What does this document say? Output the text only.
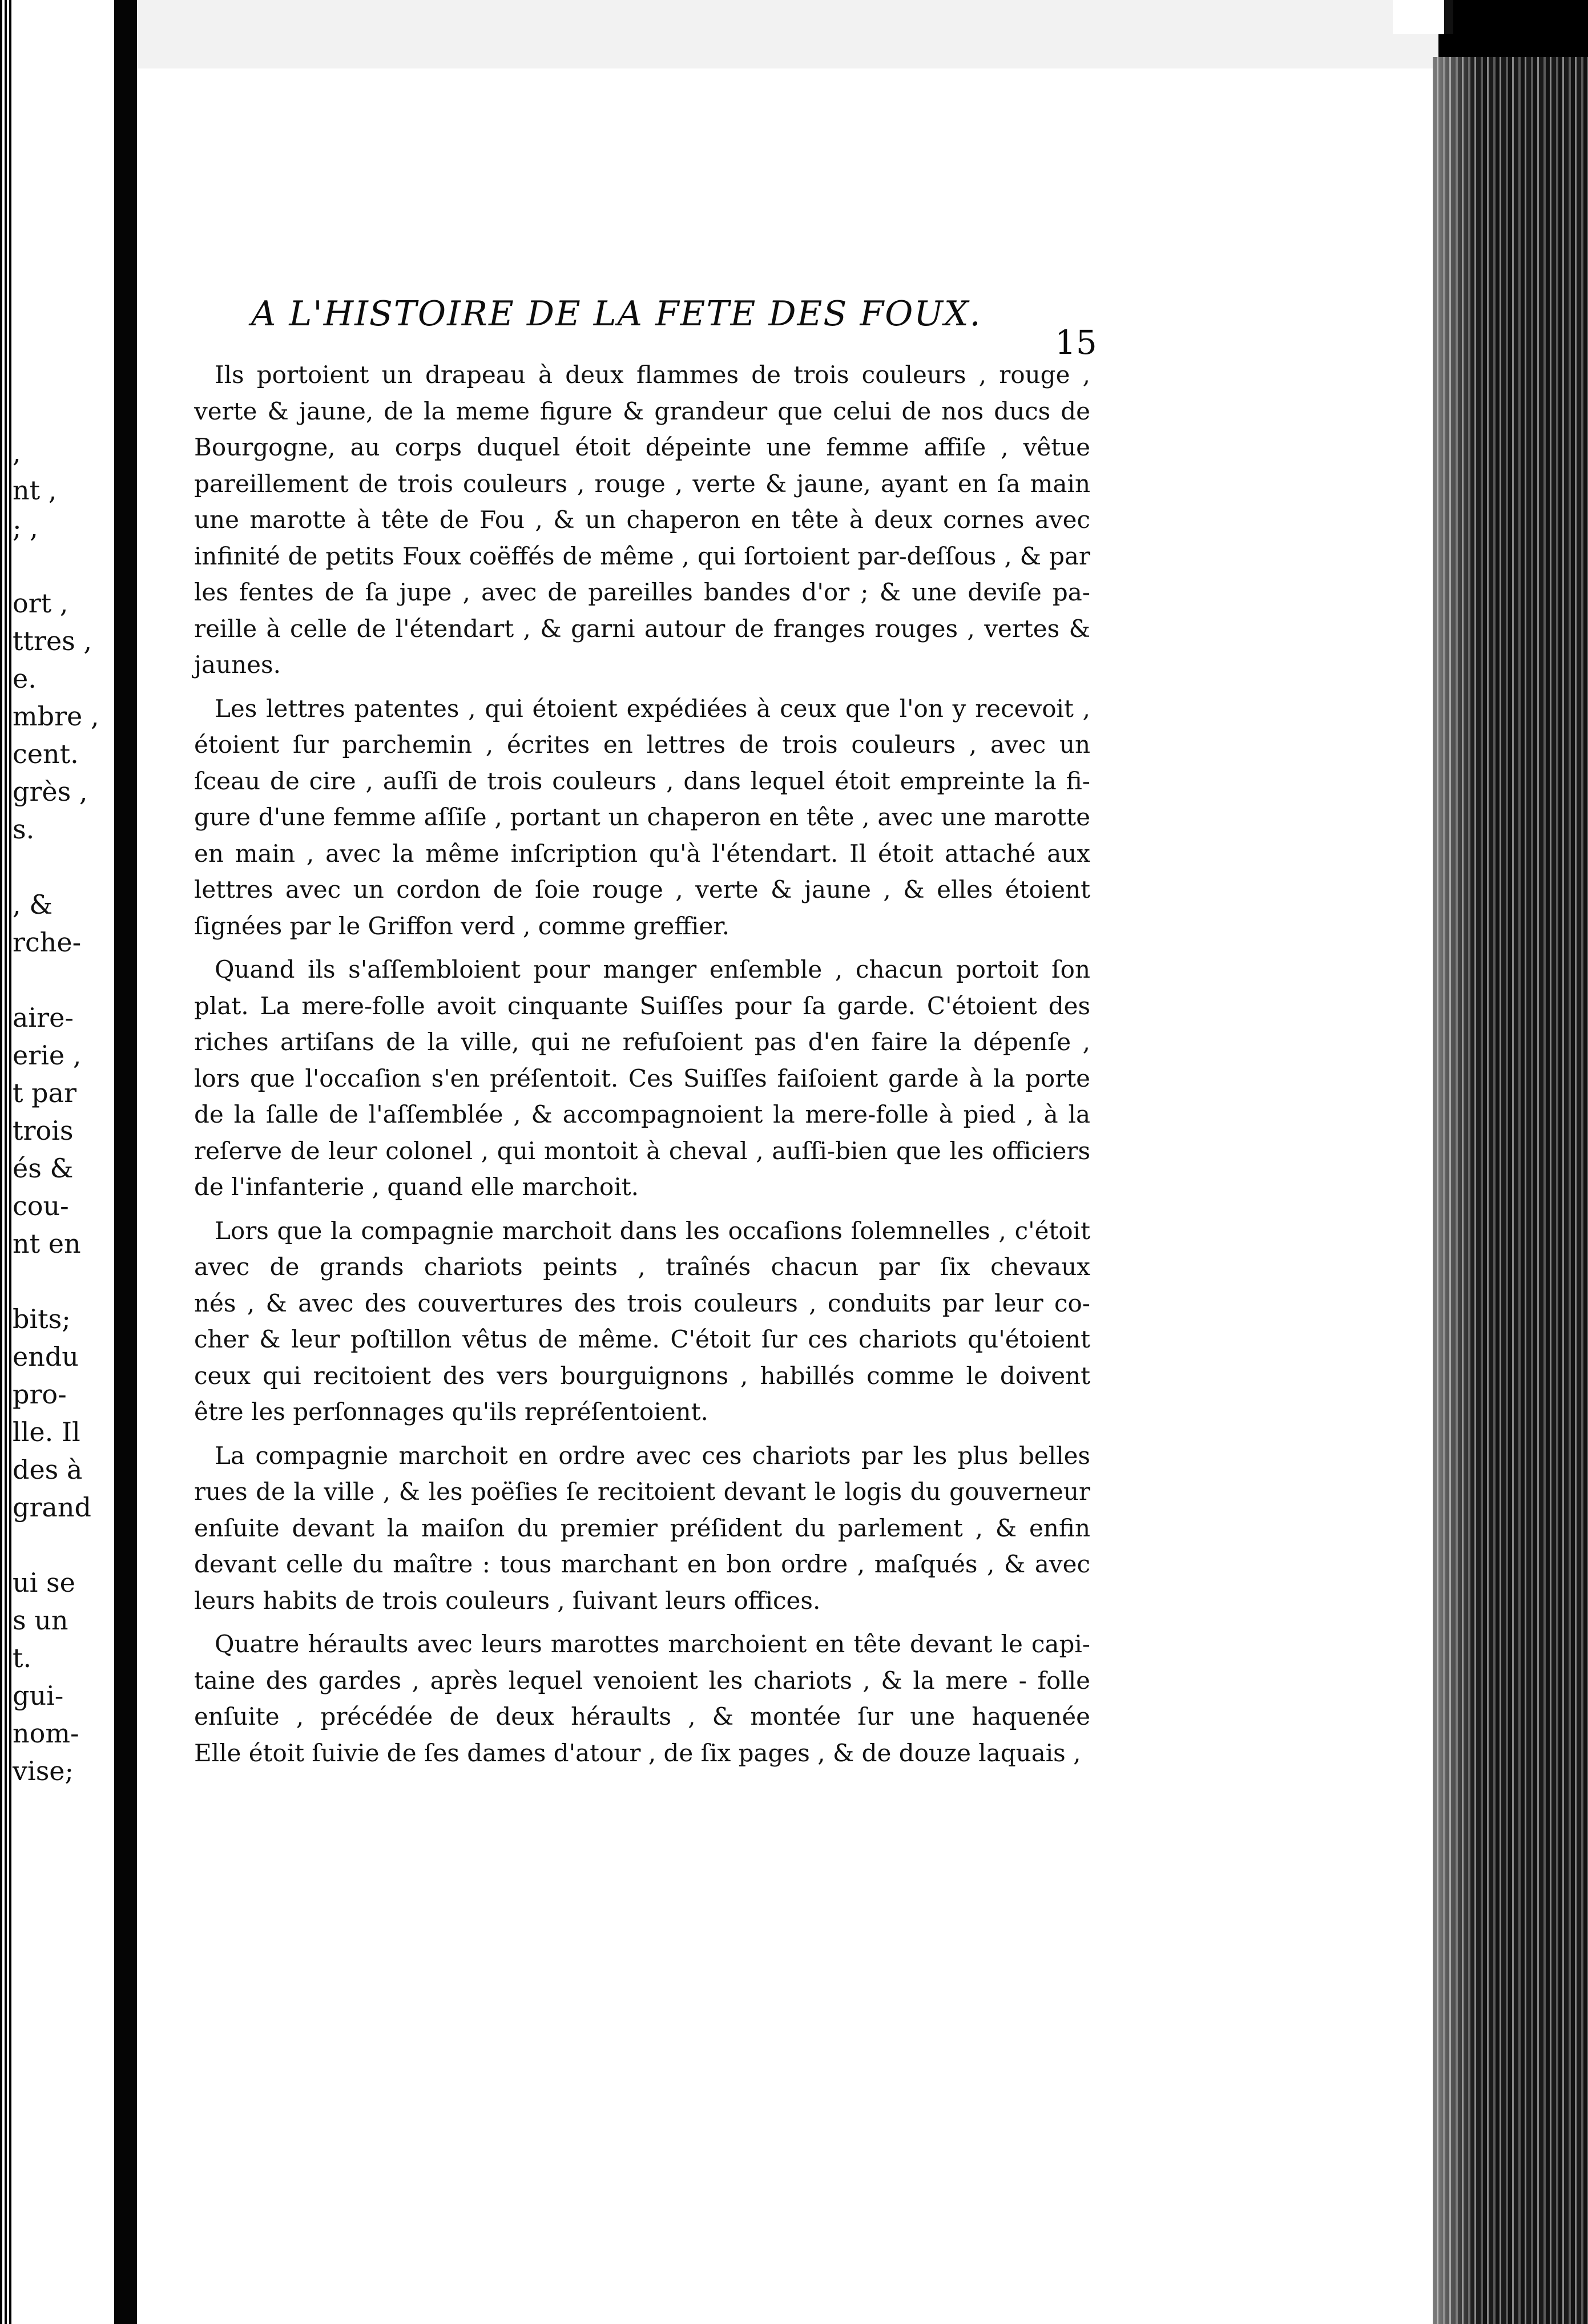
,
nt ,
; ,
ort ,
ttres ,
e.
mbre ,
cent.
grès ,
s.
, &
rche-
aire-
erie ,
t par
trois
és &
cou-
nt en
bits;
endu
pro-
lle. Il
des à
grand
ui se
s un
t.
gui-
nom-
vise;
A L'HISTOIRE DE LA FETE DES FOUX.
15
Ils portoient un drapeau à deux flammes de trois couleurs , rouge ,
verte & jaune, de la meme figure & grandeur que celui de nos ducs de
Bourgogne, au corps duquel étoit dépeinte une femme affiſe , vêtue
pareillement de trois couleurs , rouge , verte & jaune, ayant en ſa main
une marotte à tête de Fou , & un chaperon en tête à deux cornes avec
infinité de petits Foux coëffés de même , qui ſortoient par-deſſous , & par
les fentes de ſa jupe , avec de pareilles bandes d'or ; & une deviſe pa-
reille à celle de l'étendart , & garni autour de franges rouges , vertes &
jaunes.
Les lettres patentes , qui étoient expédiées à ceux que l'on y recevoit ,
étoient ſur parchemin , écrites en lettres de trois couleurs , avec un
ſceau de cire , auſſi de trois couleurs , dans lequel étoit empreinte la fi-
gure d'une femme aſſiſe , portant un chaperon en tête , avec une marotte
en main , avec la même inſcription qu'à l'étendart. Il étoit attaché aux
lettres avec un cordon de ſoie rouge , verte & jaune , & elles étoient
ſignées par le Griffon verd , comme greffier.
Quand ils s'aſſembloient pour manger enſemble , chacun portoit ſon
plat. La mere-folle avoit cinquante Suiſſes pour ſa garde. C'étoient des
riches artiſans de la ville, qui ne refuſoient pas d'en faire la dépenſe ,
lors que l'occaſion s'en préſentoit. Ces Suiſſes faiſoient garde à la porte
de la ſalle de l'aſſemblée , & accompagnoient la mere-folle à pied , à la
reſerve de leur colonel , qui montoit à cheval , auſſi-bien que les officiers
de l'infanterie , quand elle marchoit.
Lors que la compagnie marchoit dans les occaſions ſolemnelles , c'étoit
avec de grands chariots peints , traînés chacun par ſix chevaux
nés , & avec des couvertures des trois couleurs , conduits par leur co-
cher & leur poſtillon vêtus de même. C'étoit ſur ces chariots qu'étoient
ceux qui recitoient des vers bourguignons , habillés comme le doivent
être les perſonnages qu'ils repréſentoient.
La compagnie marchoit en ordre avec ces chariots par les plus belles
rues de la ville , & les poëſies ſe recitoient devant le logis du gouverneur
enſuite devant la maiſon du premier préſident du parlement , & enfin
devant celle du maître : tous marchant en bon ordre , maſqués , & avec
leurs habits de trois couleurs , ſuivant leurs offices.
Quatre héraults avec leurs marottes marchoient en tête devant le capi-
taine des gardes , après lequel venoient les chariots , & la mere - folle
enſuite , précédée de deux héraults , & montée ſur une haquenée
Elle étoit ſuivie de ſes dames d'atour , de ſix pages , & de douze laquais ,
